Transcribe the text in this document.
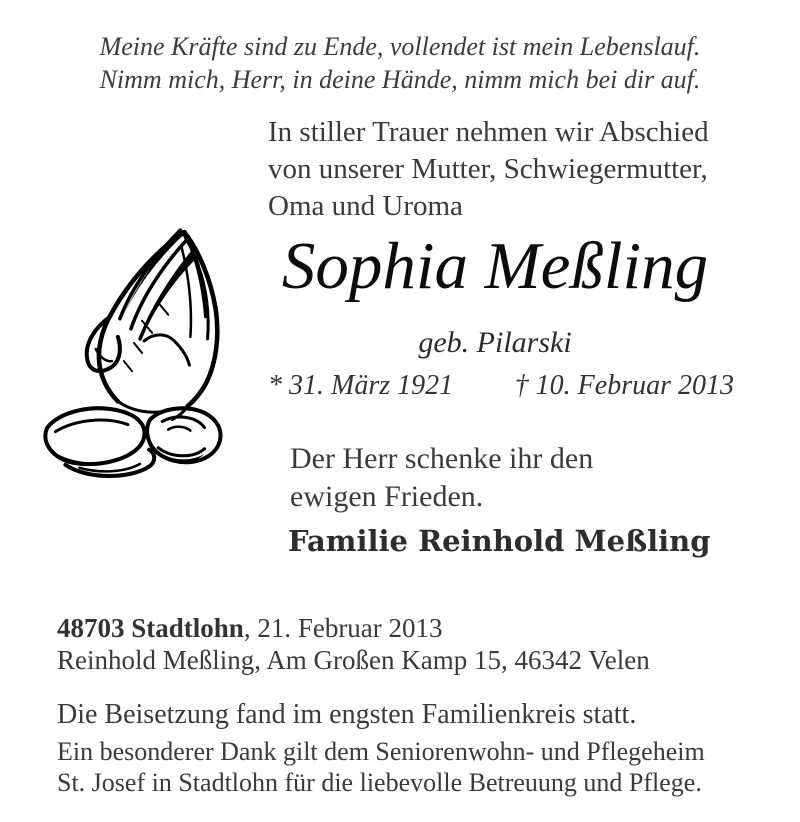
Meine Kräfte sind zu Ende, vollendet ist mein Lebenslauf.
Nimm mich, Herr, in deine Hände, nimm mich bei dir auf.
In stiller Trauer nehmen wir Abschied
von unserer Mutter, Schwiegermutter,
Oma und Uroma
Sophia Meßling
geb. Pilarski
* 31. März 1921 † 10. Februar 2013
Der Herr schenke ihr den
ewigen Frieden.
Familie Reinhold Meßling
48703 Stadtlohn, 21. Februar 2013
Reinhold Meßling, Am Großen Kamp 15, 46342 Velen
Die Beisetzung fand im engsten Familienkreis statt.
Ein besonderer Dank gilt dem Seniorenwohn- und Pflegeheim
St. Josef in Stadtlohn für die liebevolle Betreuung und Pflege.
